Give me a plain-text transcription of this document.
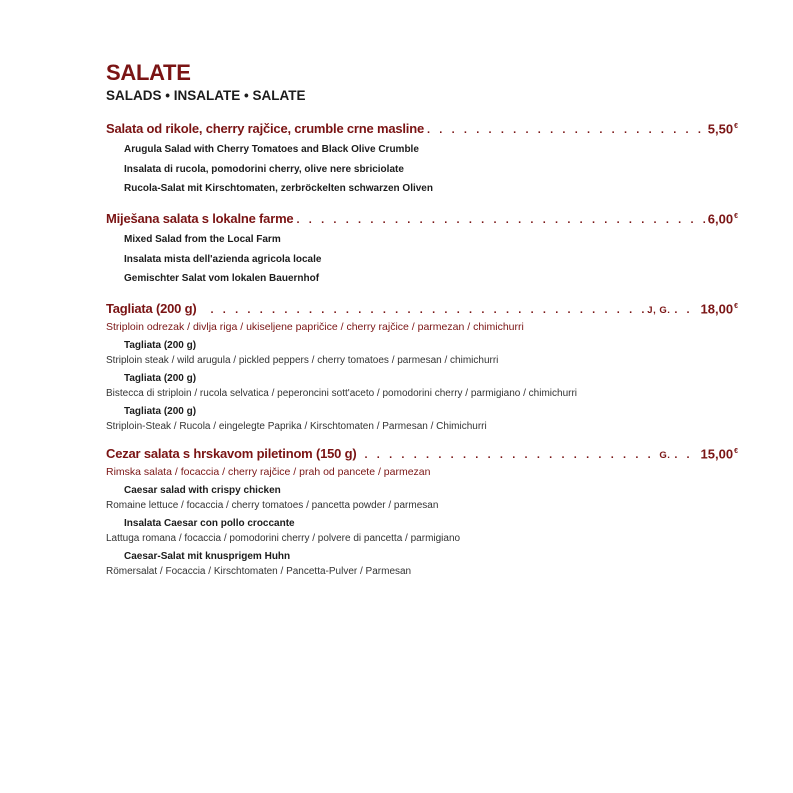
SALATE
SALADS • INSALATE • SALATE
Salata od rikole, cherry rajčice, crumble crne masline . . .	5,50€
Arugula Salad with Cherry Tomatoes and Black Olive Crumble
Insalata di rucola, pomodorini cherry, olive nere sbriciolate
Rucola-Salat mit Kirschtomaten, zerbröckelten schwarzen Oliven
Miješana salata s lokalne farme . . .	6,00€
Mixed Salad from the Local Farm
Insalata mista dell'azienda agricola locale
Gemischter Salat vom lokalen Bauernhof
Tagliata (200 g) . . .	J, G. . . 18,00€
Striploin odrezak / divlja riga / ukiseljene papričice / cherry rajčice / parmezan / chimichurri
Tagliata (200 g)
Striploin steak / wild arugula / pickled peppers / cherry tomatoes / parmesan / chimichurri
Tagliata (200 g)
Bistecca di striploin / rucola selvatica / peperoncini sott'aceto / pomodorini cherry / parmigiano / chimichurri
Tagliata (200 g)
Striploin-Steak / Rucola / eingelegte Paprika / Kirschtomaten / Parmesan / Chimichurri
Cezar salata s hrskavom piletinom (150 g) . . .	G. . . 15,00€
Rimska salata / focaccia / cherry rajčice / prah od pancete / parmezan
Caesar salad with crispy chicken
Romaine lettuce / focaccia / cherry tomatoes / pancetta powder / parmesan
Insalata Caesar con pollo croccante
Lattuga romana / focaccia / pomodorini cherry / polvere di pancetta / parmigiano
Caesar-Salat mit knusprigem Huhn
Römersalat / Focaccia / Kirschtomaten / Pancetta-Pulver / Parmesan
